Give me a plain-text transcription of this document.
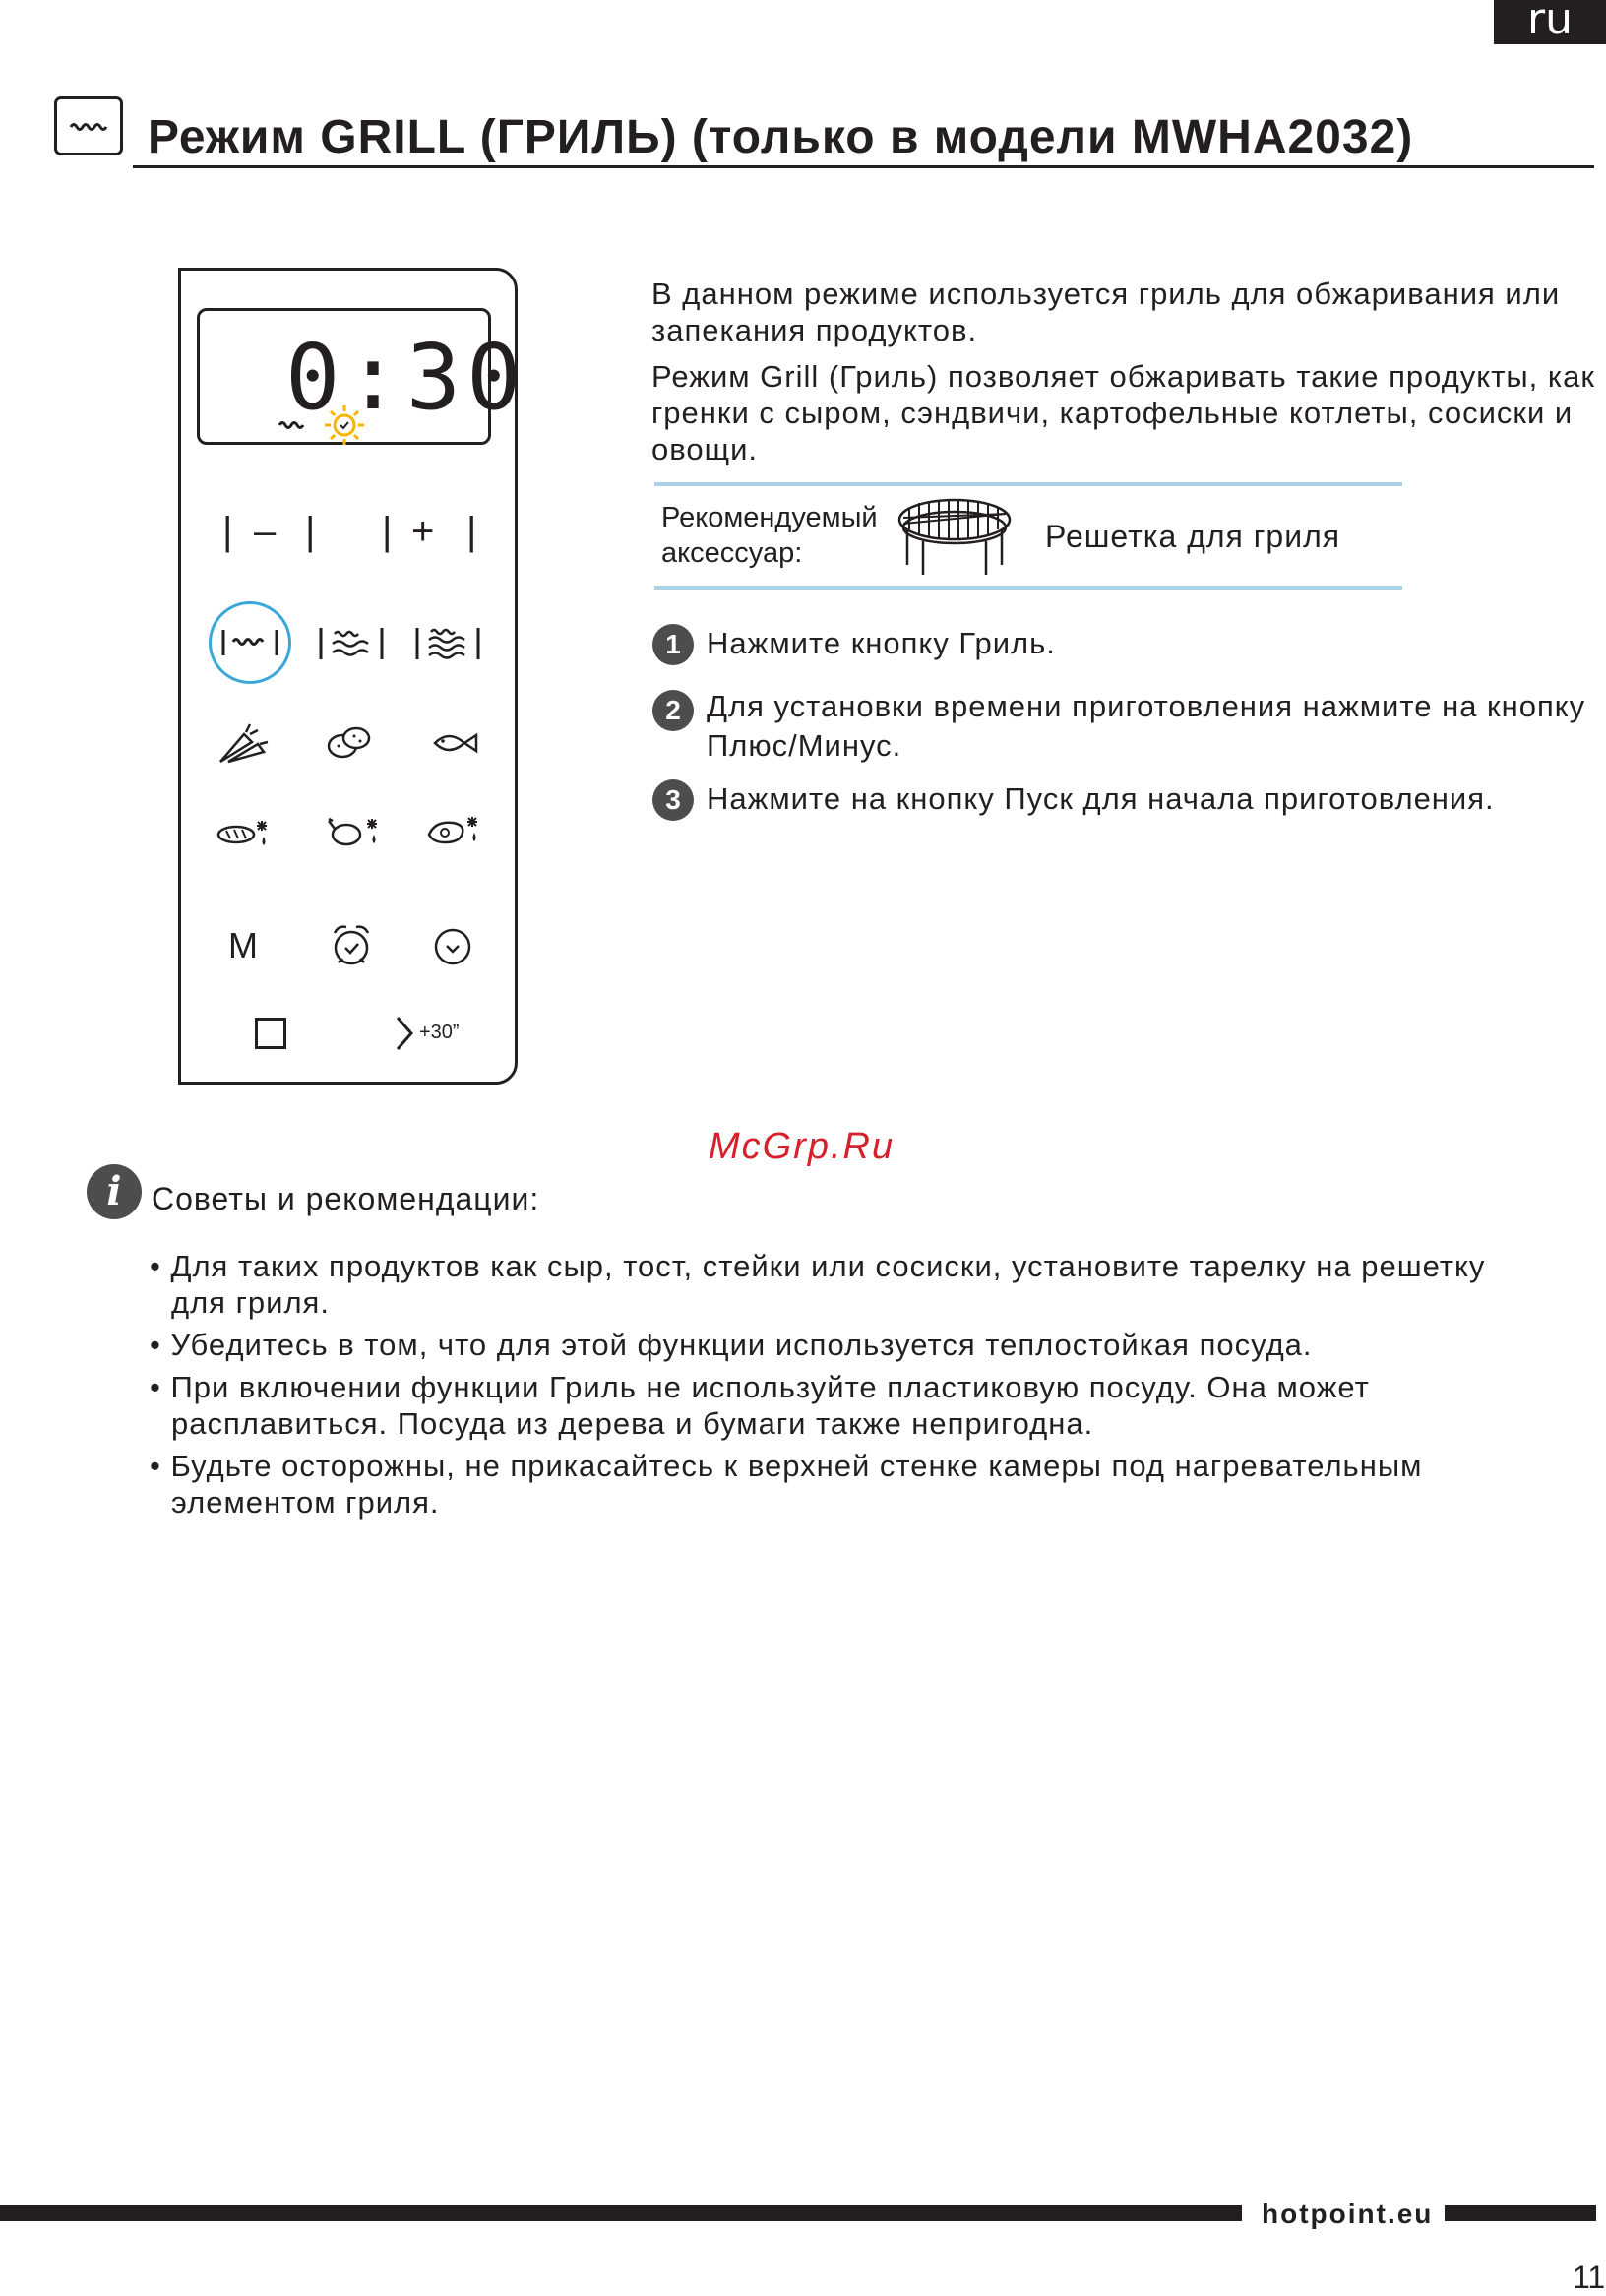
ru
Режим GRILL (ГРИЛЬ) (только в модели MWHA2032)
0:30
| – | | + |
M
+30”

В данном режиме используется гриль для обжаривания или запекания продуктов.

Режим Grill (Гриль) позволяет обжаривать такие продукты, как гренки с сыром, сэндвичи, картофельные котлеты, сосиски и овощи.

Рекомендуемый аксессуар:	Решетка для гриля
1 Нажмите кнопку Гриль.
2 Для установки времени приготовления нажмите на кнопку Плюс/Минус.
3 Нажмите на кнопку Пуск для начала приготовления.
McGrp.Ru
i Советы и рекомендации:
• Для таких продуктов как сыр, тост, стейки или сосиски, установите тарелку на решетку для гриля.
• Убедитесь в том, что для этой функции используется теплостойкая посуда.
• При включении функции Гриль не используйте пластиковую посуду. Она может расплавиться. Посуда из дерева и бумаги также непригодна.
• Будьте осторожны, не прикасайтесь к верхней стенке камеры под нагревательным элементом гриля.
hotpoint.eu
11
